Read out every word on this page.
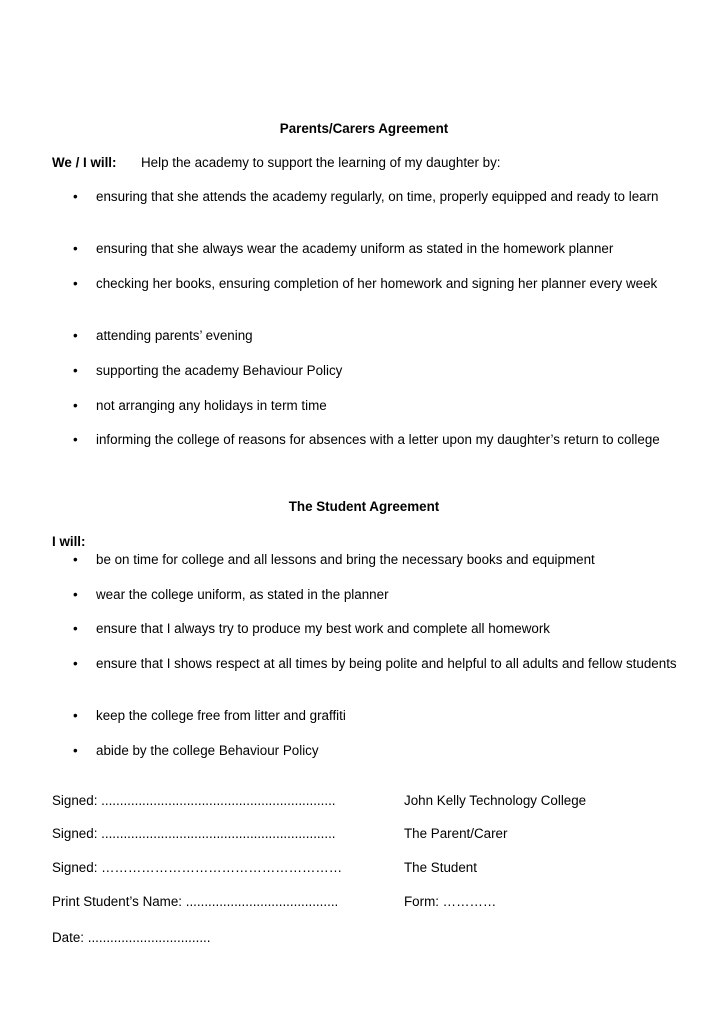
Parents/Carers Agreement
We / I will: Help the academy to support the learning of my daughter by:
• ensuring that she attends the academy regularly, on time, properly equipped and ready to learn
• ensuring that she always wear the academy uniform as stated in the homework planner
• checking her books, ensuring completion of her homework and signing her planner every week
• attending parents’ evening
• supporting the academy Behaviour Policy
• not arranging any holidays in term time
• informing the college of reasons for absences with a letter upon my daughter’s return to college
The Student Agreement
I will:
• be on time for college and all lessons and bring the necessary books and equipment
• wear the college uniform, as stated in the planner
• ensure that I always try to produce my best work and complete all homework
• ensure that I shows respect at all times by being polite and helpful to all adults and fellow students
• keep the college free from litter and graffiti
• abide by the college Behaviour Policy
Signed: ...............................................................	John Kelly Technology College
Signed: ...............................................................	The Parent/Carer
Signed: ………………………………………………	The Student
Print Student’s Name: .........................................	Form: …………
Date: .................................
